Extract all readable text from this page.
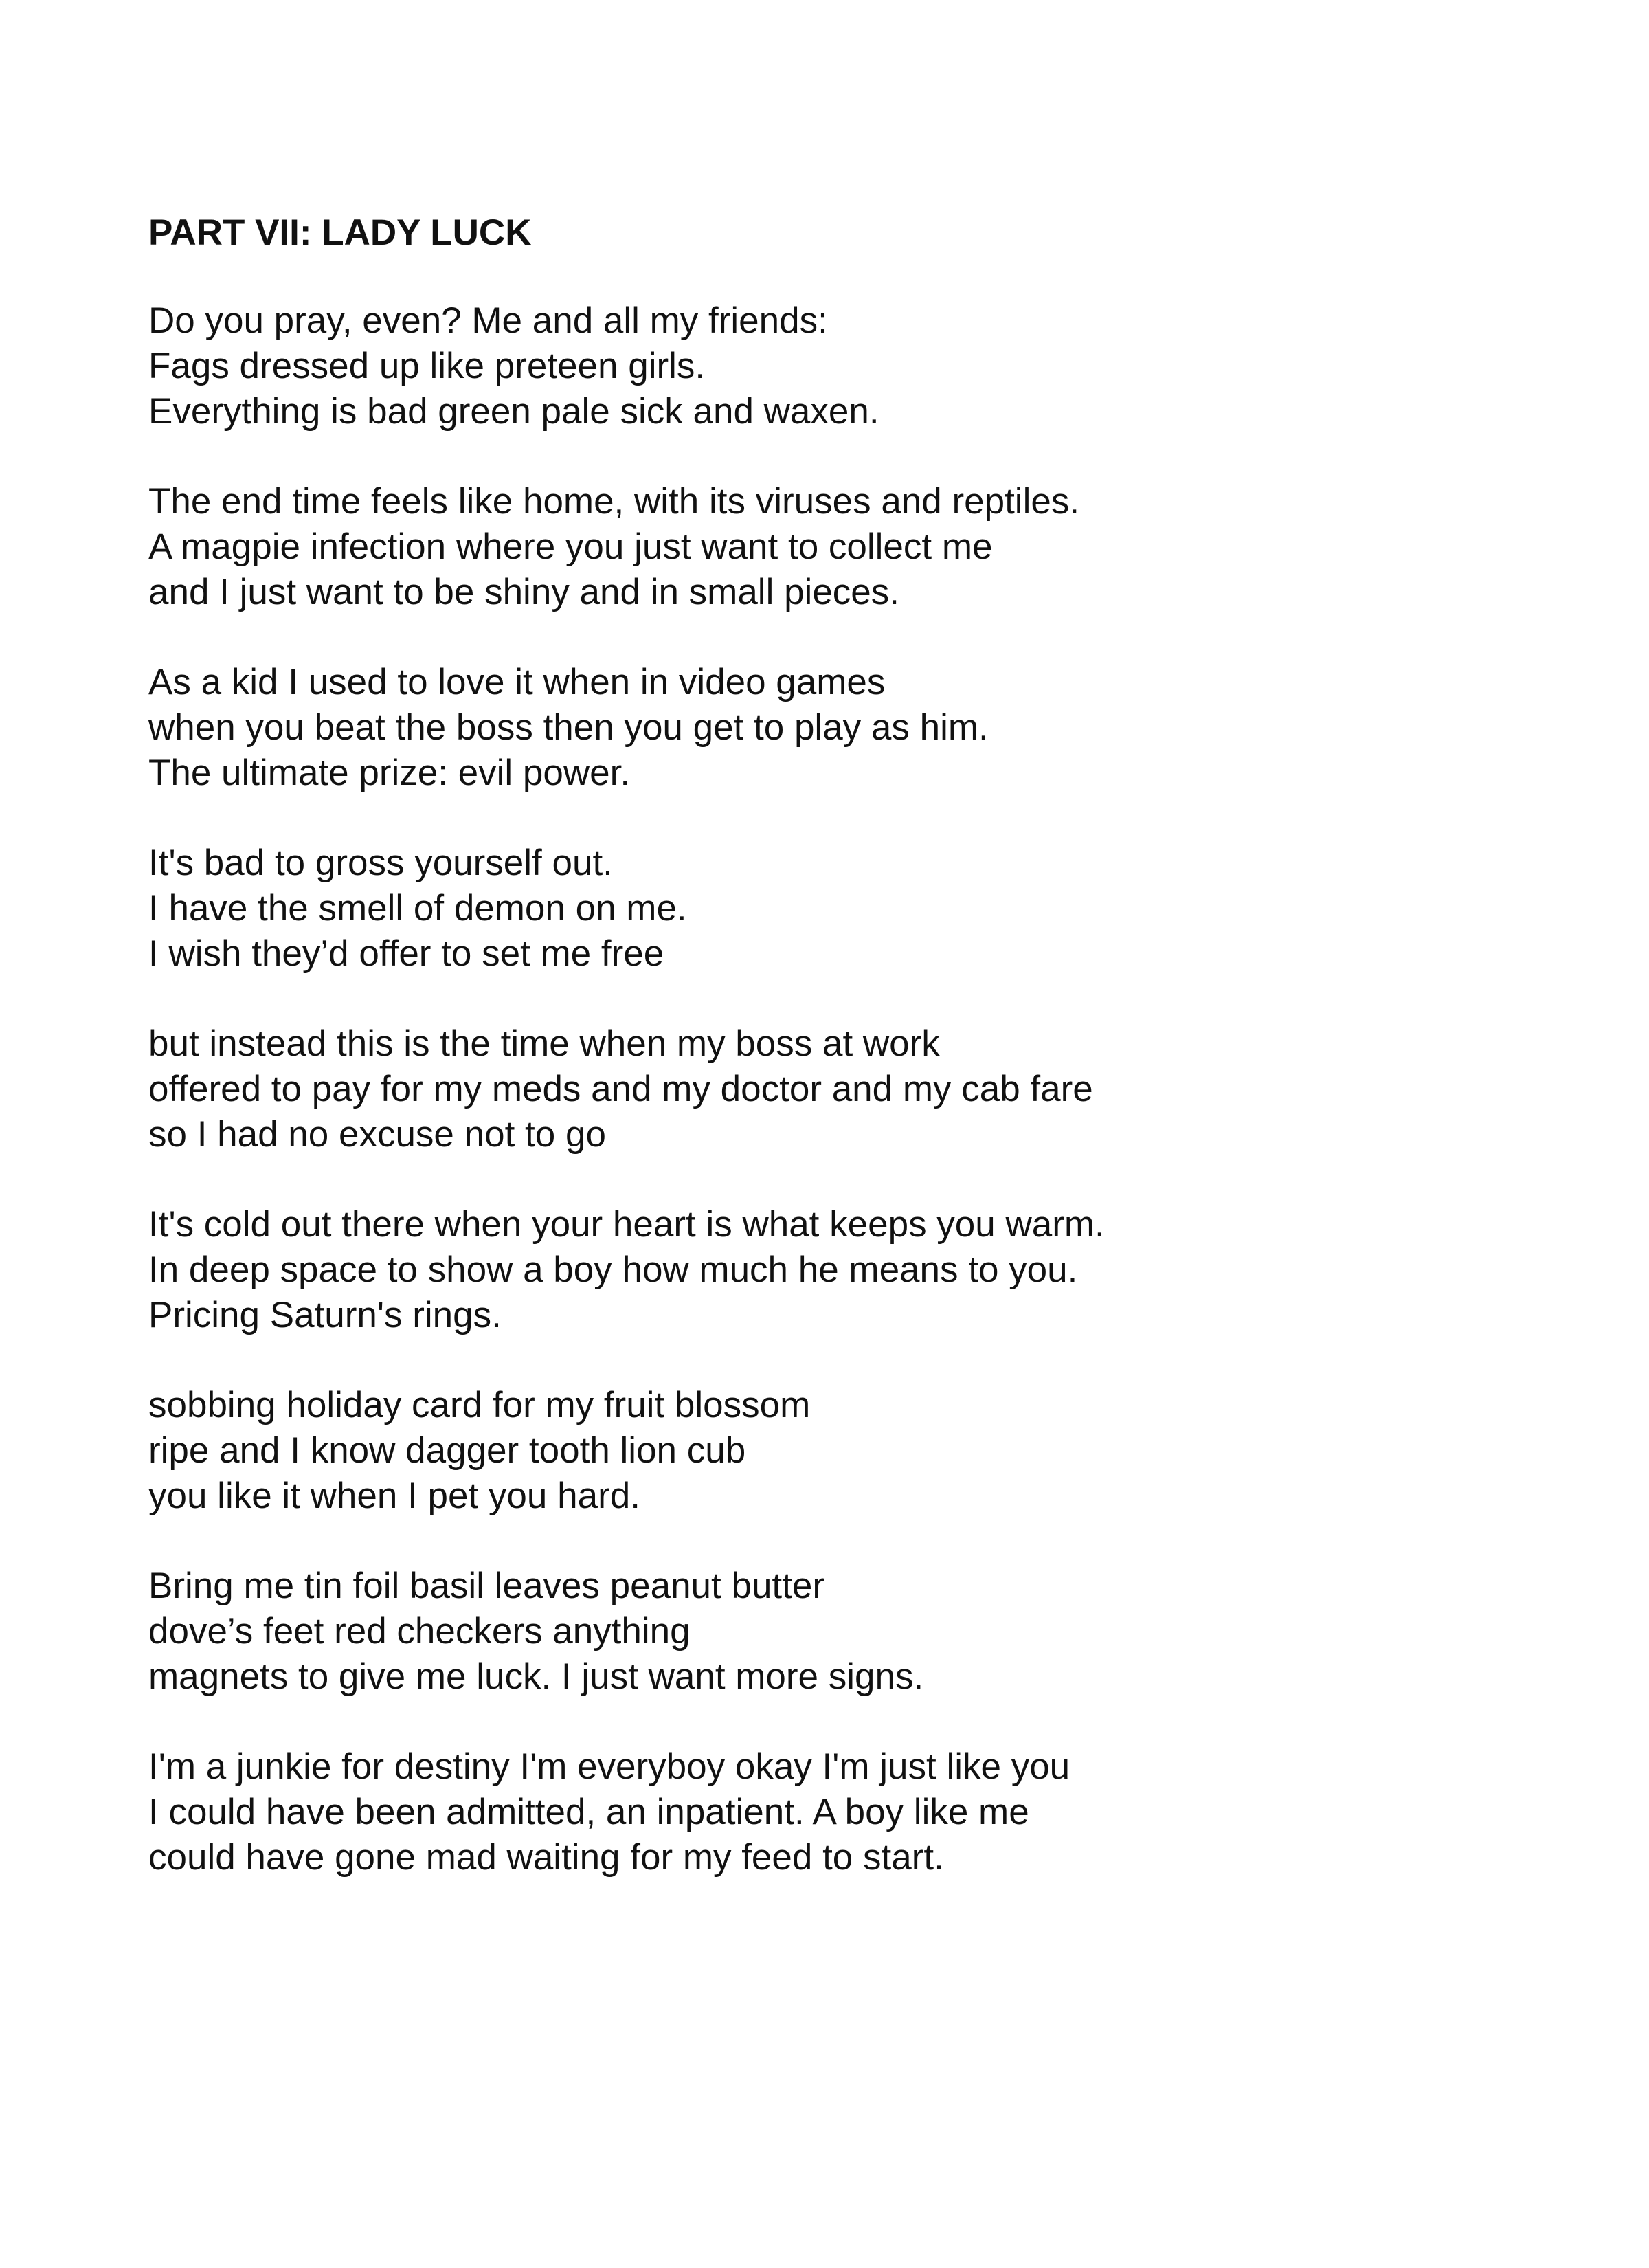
PART VII: LADY LUCK
Do you pray, even? Me and all my friends:
Fags dressed up like preteen girls.
Everything is bad green pale sick and waxen.
The end time feels like home, with its viruses and reptiles.
A magpie infection where you just want to collect me
and I just want to be shiny and in small pieces.
As a kid I used to love it when in video games
when you beat the boss then you get to play as him.
The ultimate prize: evil power.
It's bad to gross yourself out.
I have the smell of demon on me.
I wish they’d offer to set me free
but instead this is the time when my boss at work
offered to pay for my meds and my doctor and my cab fare
so I had no excuse not to go
It's cold out there when your heart is what keeps you warm.
In deep space to show a boy how much he means to you.
Pricing Saturn's rings.
sobbing holiday card for my fruit blossom
ripe and I know dagger tooth lion cub
you like it when I pet you hard.
Bring me tin foil basil leaves peanut butter
dove’s feet red checkers anything
magnets to give me luck. I just want more signs.
I'm a junkie for destiny I'm everyboy okay I'm just like you
I could have been admitted, an inpatient. A boy like me
could have gone mad waiting for my feed to start.
